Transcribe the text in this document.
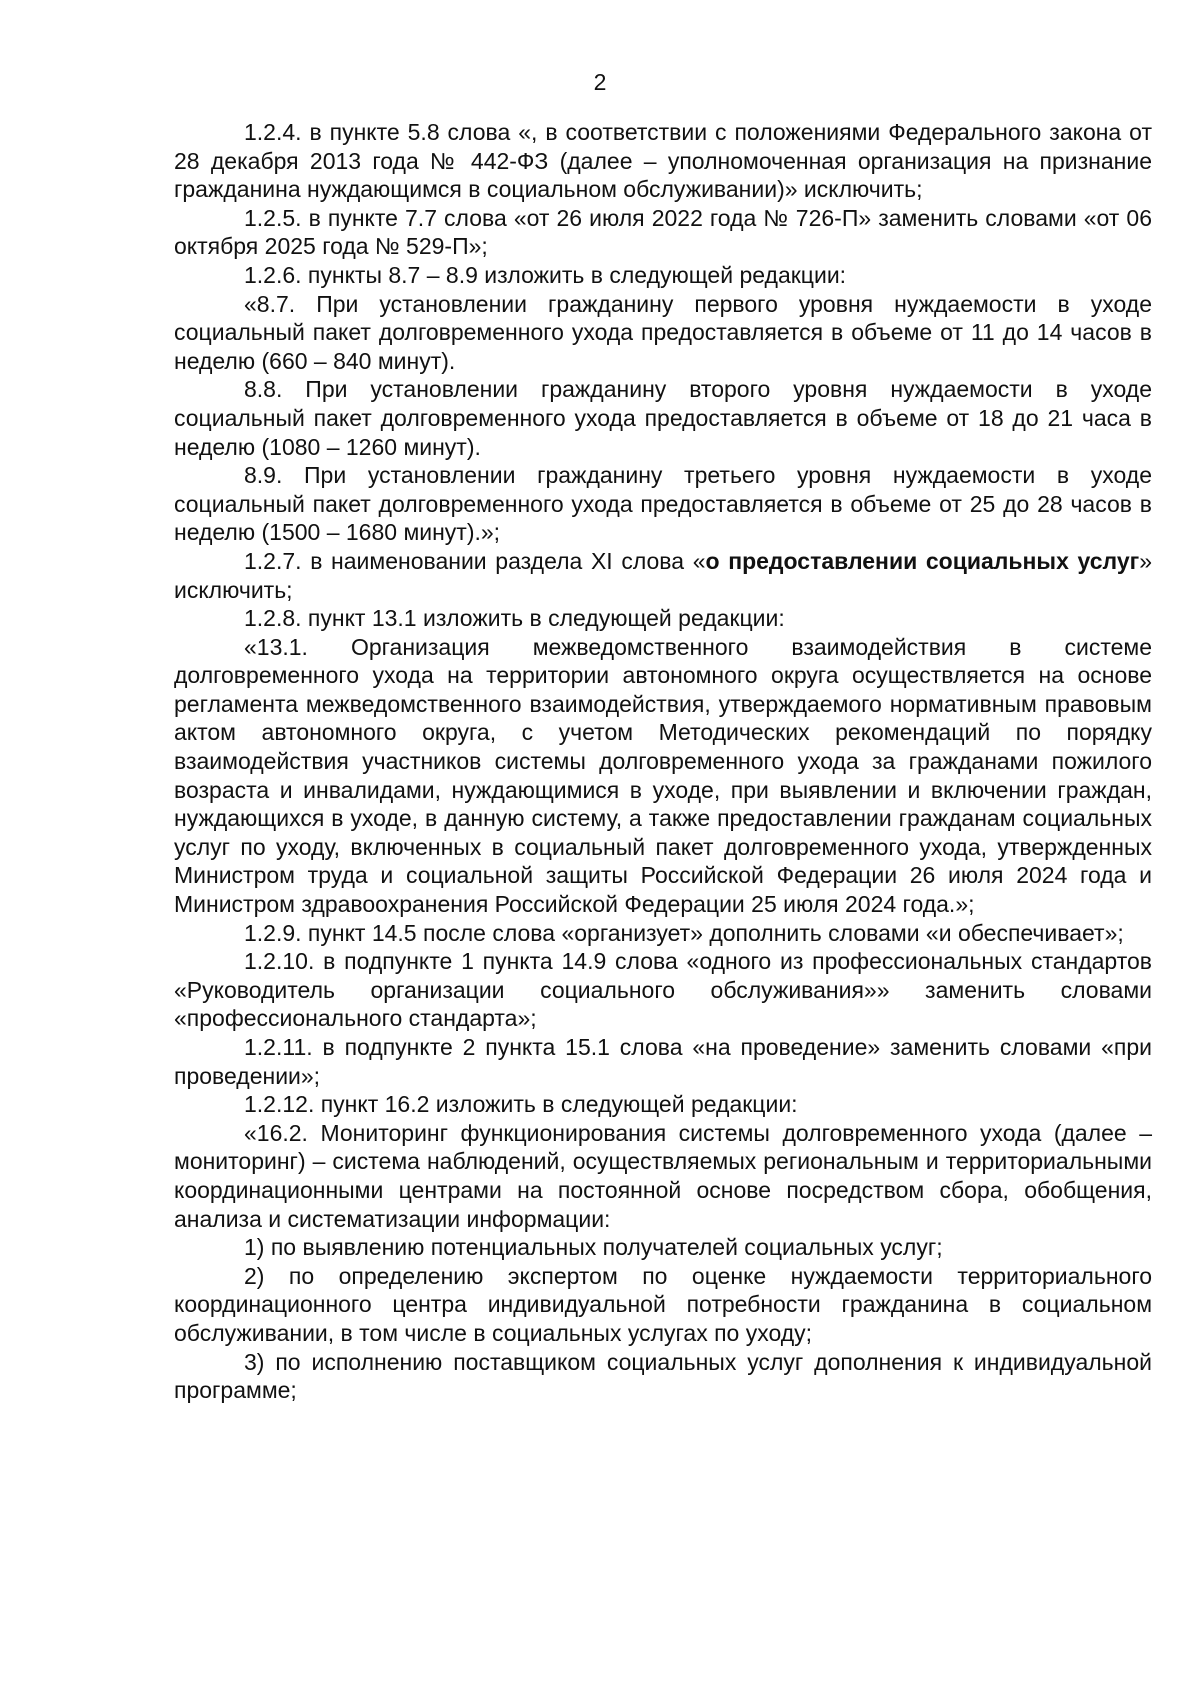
2

1.2.4. в пункте 5.8 слова «, в соответствии с положениями Федерального закона от 28 декабря 2013 года № 442-ФЗ (далее – уполномоченная организация на признание гражданина нуждающимся в социальном обслуживании)» исключить;

1.2.5. в пункте 7.7 слова «от 26 июля 2022 года № 726-П» заменить словами «от 06 октября 2025 года № 529-П»;

1.2.6. пункты 8.7 – 8.9 изложить в следующей редакции:

«8.7. При установлении гражданину первого уровня нуждаемости в уходе социальный пакет долговременного ухода предоставляется в объеме от 11 до 14 часов в неделю (660 – 840 минут).

8.8. При установлении гражданину второго уровня нуждаемости в уходе социальный пакет долговременного ухода предоставляется в объеме от 18 до 21 часа в неделю (1080 – 1260 минут).

8.9. При установлении гражданину третьего уровня нуждаемости в уходе социальный пакет долговременного ухода предоставляется в объеме от 25 до 28 часов в неделю (1500 – 1680 минут).»;

1.2.7. в наименовании раздела XI слова «о предоставлении социальных услуг» исключить;

1.2.8. пункт 13.1 изложить в следующей редакции:

«13.1. Организация межведомственного взаимодействия в системе долговременного ухода на территории автономного округа осуществляется на основе регламента межведомственного взаимодействия, утверждаемого нормативным правовым актом автономного округа, с учетом Методических рекомендаций по порядку взаимодействия участников системы долговременного ухода за гражданами пожилого возраста и инвалидами, нуждающимися в уходе, при выявлении и включении граждан, нуждающихся в уходе, в данную систему, а также предоставлении гражданам социальных услуг по уходу, включенных в социальный пакет долговременного ухода, утвержденных Министром труда и социальной защиты Российской Федерации 26 июля 2024 года и Министром здравоохранения Российской Федерации 25 июля 2024 года.»;

1.2.9. пункт 14.5 после слова «организует» дополнить словами «и обеспечивает»;

1.2.10. в подпункте 1 пункта 14.9 слова «одного из профессиональных стандартов «Руководитель организации социального обслуживания»» заменить словами «профессионального стандарта»;

1.2.11. в подпункте 2 пункта 15.1 слова «на проведение» заменить словами «при проведении»;

1.2.12. пункт 16.2 изложить в следующей редакции:

«16.2. Мониторинг функционирования системы долговременного ухода (далее – мониторинг) – система наблюдений, осуществляемых региональным и территориальными координационными центрами на постоянной основе посредством сбора, обобщения, анализа и систематизации информации:

1) по выявлению потенциальных получателей социальных услуг;

2) по определению экспертом по оценке нуждаемости территориального координационного центра индивидуальной потребности гражданина в социальном обслуживании, в том числе в социальных услугах по уходу;

3) по исполнению поставщиком социальных услуг дополнения к индивидуальной программе;
